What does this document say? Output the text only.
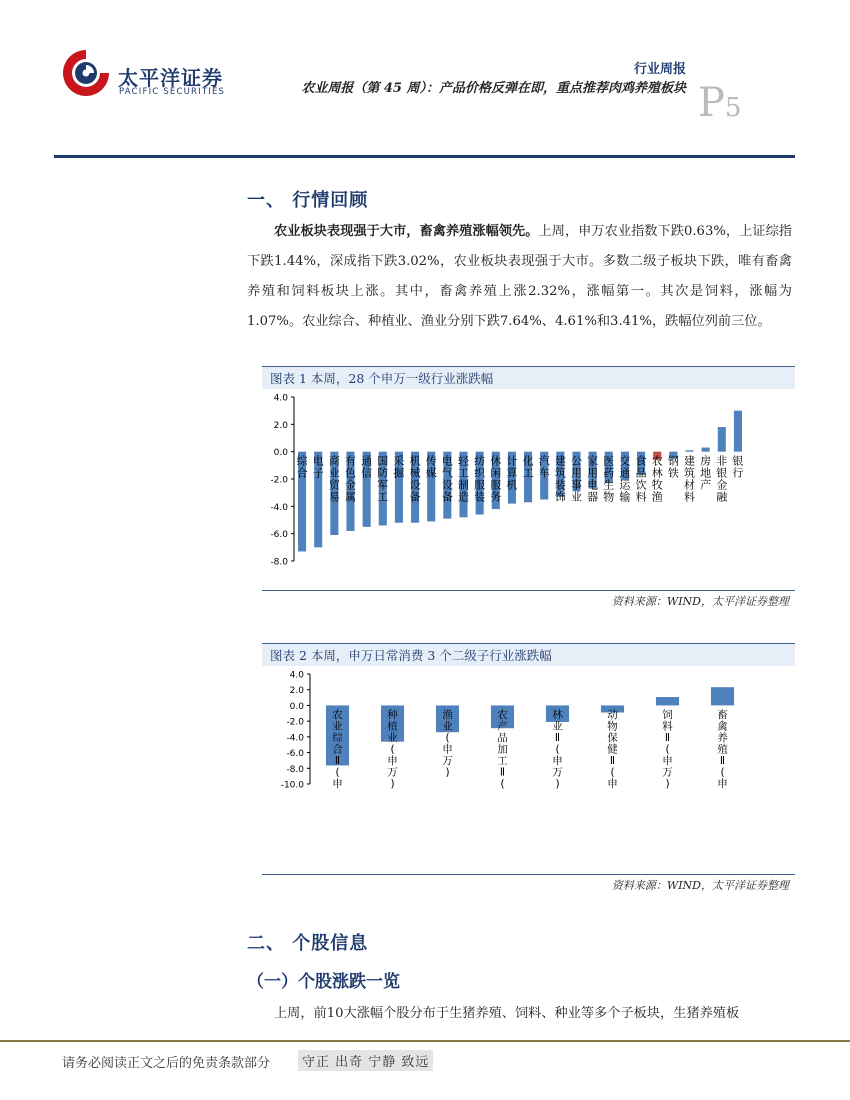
太平洋证券
PACIFIC SECURITIES
行业周报
农业周报（第 45 周）：产品价格反弹在即，重点推荐肉鸡养殖板块 P5
一、 行情回顾
农业板块表现强于大市，畜禽养殖涨幅领先。上周，申万农业指数下跌0.63%，上证综指下跌1.44%，深成指下跌3.02%，农业板块表现强于大市。多数二级子板块下跌，唯有畜禽养殖和饲料板块上涨。其中，畜禽养殖上涨2.32%，涨幅第一。其次是饲料，涨幅为1.07%。农业综合、种植业、渔业分别下跌7.64%、4.61%和3.41%，跌幅位列前三位。
图表 1 本周，28 个申万一级行业涨跌幅
4.0
2.0
0.0
-2.0
-4.0
-6.0
-8.0
综合
电子
商业贸易
有色金属
通信
国防军工
采掘
机械设备
传媒
电气设备
轻工制造
纺织服装
休闲服务
计算机
化工
汽车
建筑装饰
公用事业
家用电器
医药生物
交通运输
食品饮料
农林牧渔
钢铁
建筑材料
房地产
非银金融
银行
资料来源：WIND，太平洋证券整理
图表 2 本周，申万日常消费 3 个二级子行业涨跌幅
4.0
2.0
0.0
-2.0
-4.0
-6.0
-8.0
-10.0
农业综合 Ⅱ (申
种植业(申万)
渔业(申万)
农产品加工 Ⅱ (
林业 Ⅱ (申万)
动物保健 Ⅱ (申
饲料 Ⅱ (申万)
畜禽养殖 Ⅱ (申
资料来源：WIND，太平洋证券整理
二、 个股信息
（一）个股涨跌一览
上周，前10大涨幅个股分布于生猪养殖、饲料、种业等多个子板块，生猪养殖板
请务必阅读正文之后的免责条款部分	守正 出奇 宁静 致远
